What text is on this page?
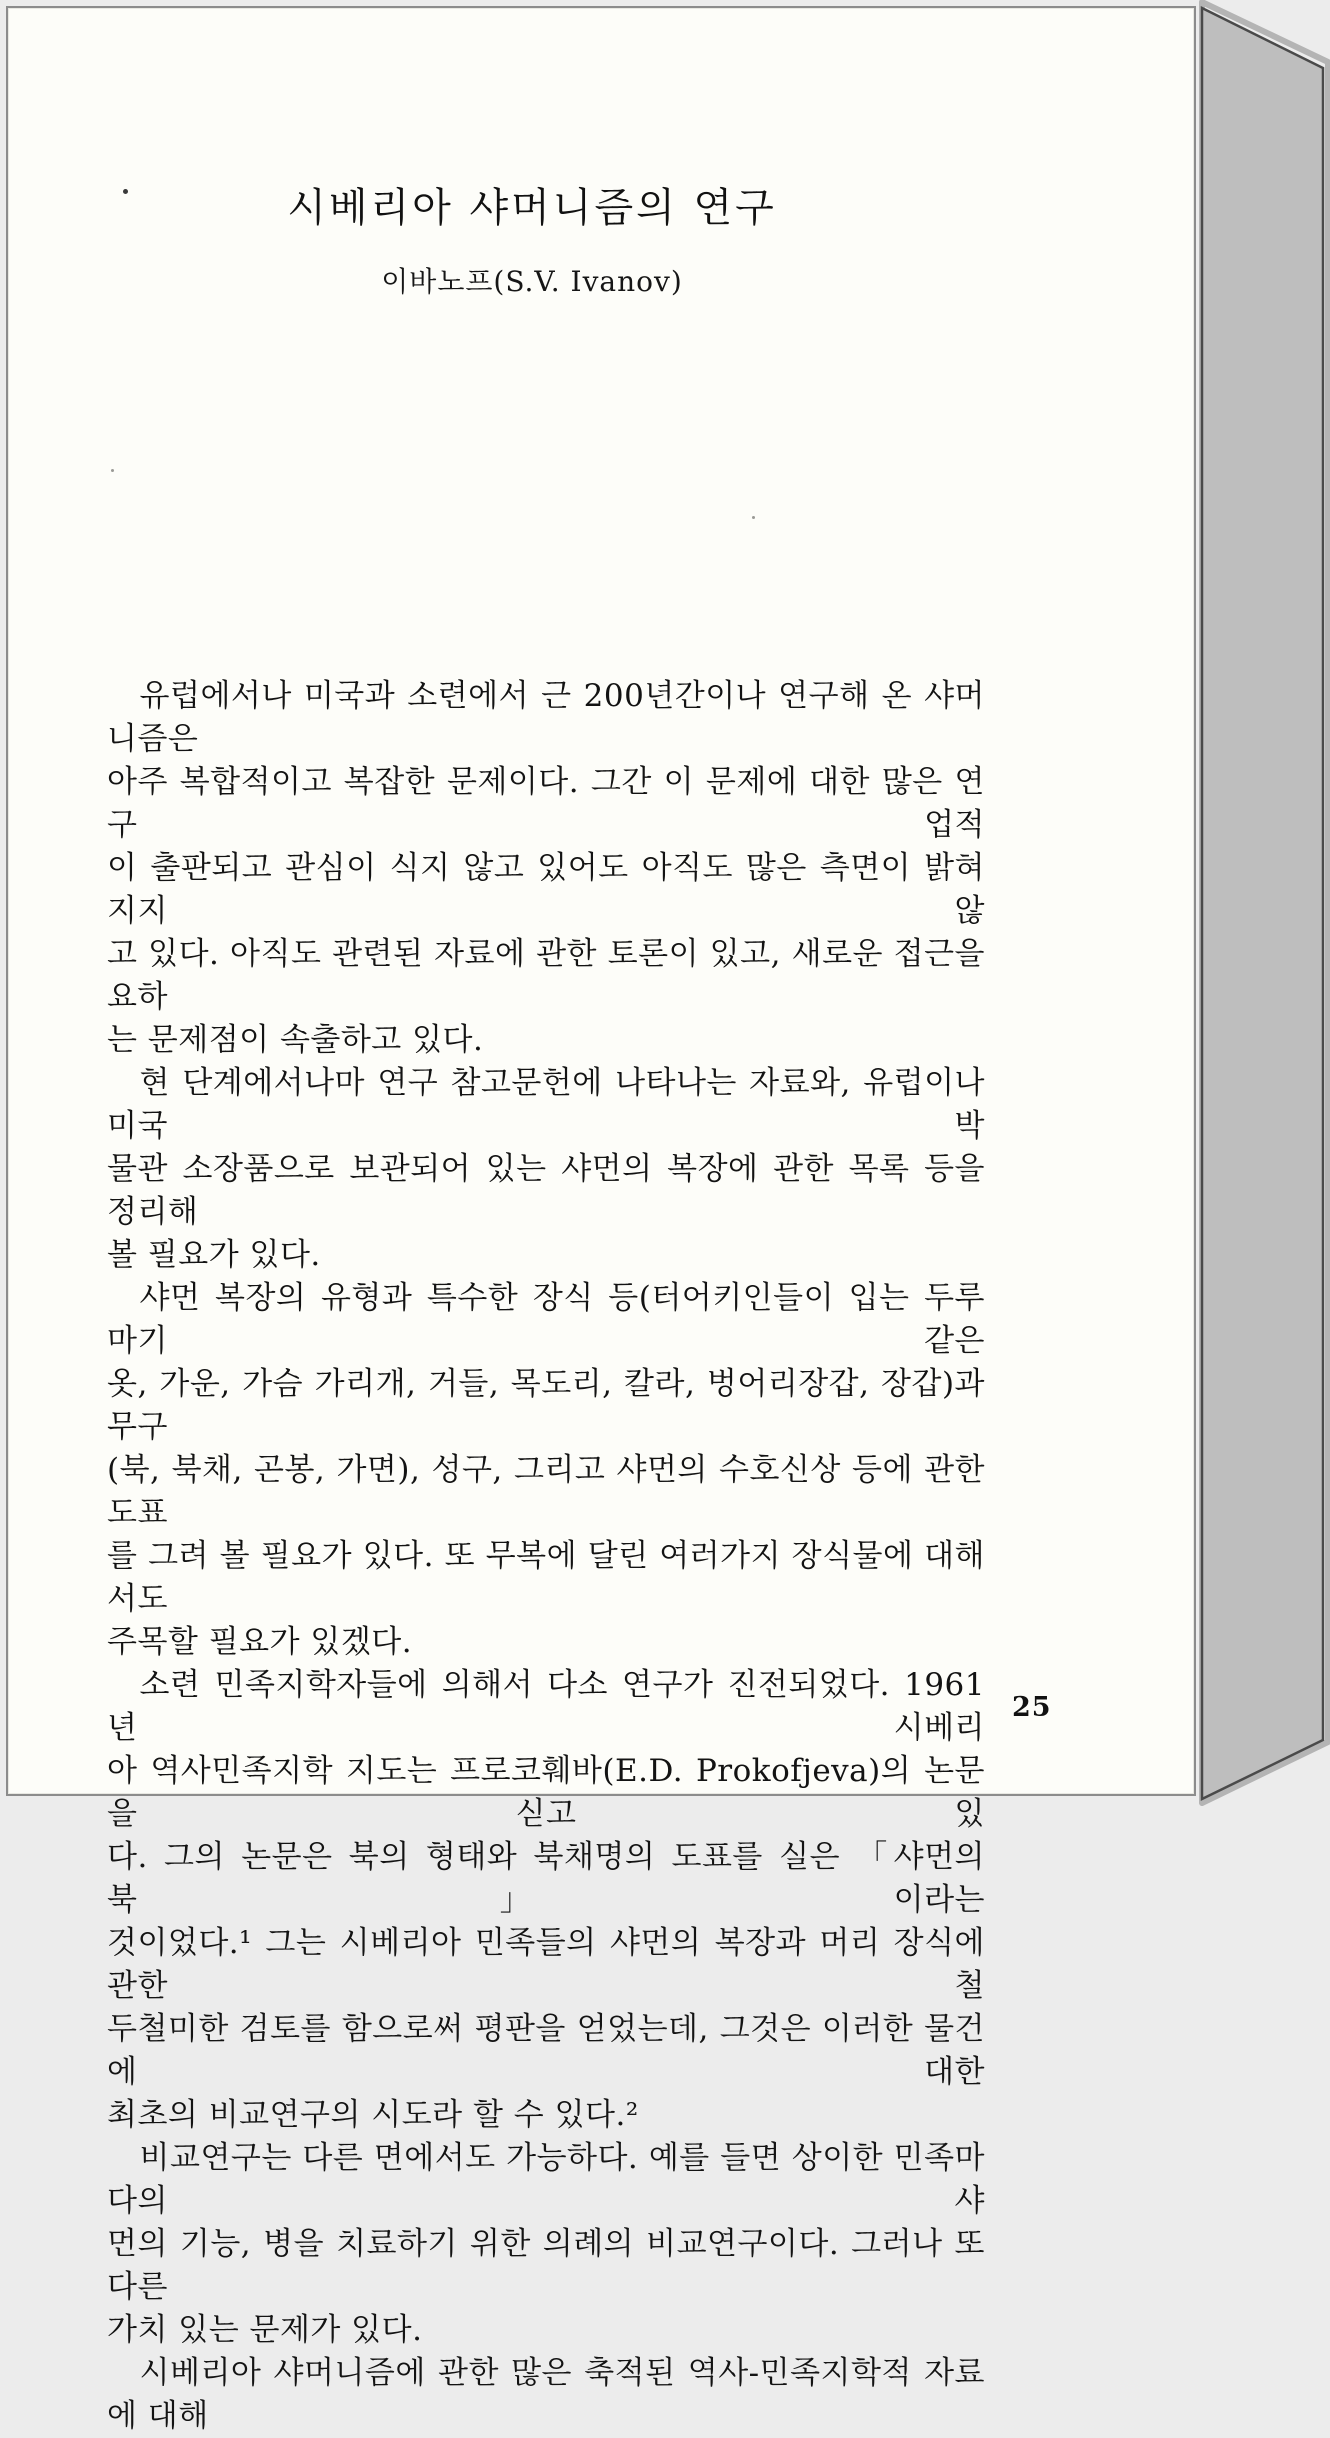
시베리아 샤머니즘의 연구
이바노프(S.V. Ivanov)
유럽에서나 미국과 소련에서 근 200년간이나 연구해 온 샤머니즘은
아주 복합적이고 복잡한 문제이다. 그간 이 문제에 대한 많은 연구 업적
이 출판되고 관심이 식지 않고 있어도 아직도 많은 측면이 밝혀지지 않
고 있다. 아직도 관련된 자료에 관한 토론이 있고, 새로운 접근을 요하
는 문제점이 속출하고 있다.
현 단계에서나마 연구 참고문헌에 나타나는 자료와, 유럽이나 미국 박
물관 소장품으로 보관되어 있는 샤먼의 복장에 관한 목록 등을 정리해
볼 필요가 있다.
샤먼 복장의 유형과 특수한 장식 등(터어키인들이 입는 두루마기 같은
옷, 가운, 가슴 가리개, 거들, 목도리, 칼라, 벙어리장갑, 장갑)과 무구
(북, 북채, 곤봉, 가면), 성구, 그리고 샤먼의 수호신상 등에 관한 도표
를 그려 볼 필요가 있다. 또 무복에 달린 여러가지 장식물에 대해서도
주목할 필요가 있겠다.
소련 민족지학자들에 의해서 다소 연구가 진전되었다. 1961년 시베리
아 역사민족지학 지도는 프로코훼바(E.D. Prokofjeva)의 논문을 싣고 있
다. 그의 논문은 북의 형태와 북채명의 도표를 실은 「샤먼의 북」이라는
것이었다.¹ 그는 시베리아 민족들의 샤먼의 복장과 머리 장식에 관한 철
두철미한 검토를 함으로써 평판을 얻었는데, 그것은 이러한 물건에 대한
최초의 비교연구의 시도라 할 수 있다.²
비교연구는 다른 면에서도 가능하다. 예를 들면 상이한 민족마다의 샤
먼의 기능, 병을 치료하기 위한 의례의 비교연구이다. 그러나 또 다른
가치 있는 문제가 있다.
시베리아 샤머니즘에 관한 많은 축적된 역사-민족지학적 자료에 대해
25
